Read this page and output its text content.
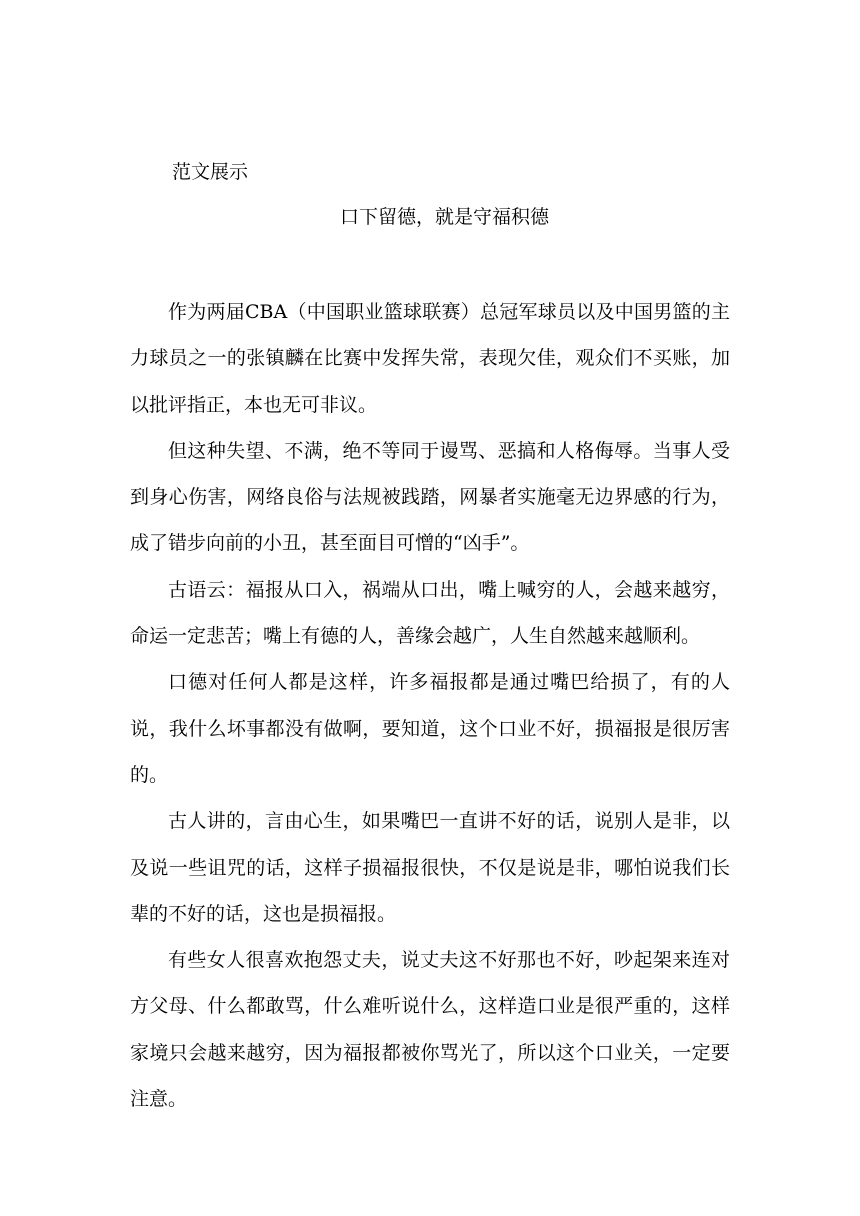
范文展示
口下留德，就是守福积德

作为两届CBA（中国职业篮球联赛）总冠军球员以及中国男篮的主力球员之一的张镇麟在比赛中发挥失常，表现欠佳，观众们不买账，加以批评指正，本也无可非议。

但这种失望、不满，绝不等同于谩骂、恶搞和人格侮辱。当事人受到身心伤害，网络良俗与法规被践踏，网暴者实施毫无边界感的行为，成了错步向前的小丑，甚至面目可憎的“凶手”。

古语云：福报从口入，祸端从口出，嘴上喊穷的人，会越来越穷，命运一定悲苦；嘴上有德的人，善缘会越广，人生自然越来越顺利。

口德对任何人都是这样，许多福报都是通过嘴巴给损了，有的人说，我什么坏事都没有做啊，要知道，这个口业不好，损福报是很厉害的。

古人讲的，言由心生，如果嘴巴一直讲不好的话，说别人是非，以及说一些诅咒的话，这样子损福报很快，不仅是说是非，哪怕说我们长辈的不好的话，这也是损福报。

有些女人很喜欢抱怨丈夫，说丈夫这不好那也不好，吵起架来连对方父母、什么都敢骂，什么难听说什么，这样造口业是很严重的，这样家境只会越来越穷，因为福报都被你骂光了，所以这个口业关，一定要注意。
